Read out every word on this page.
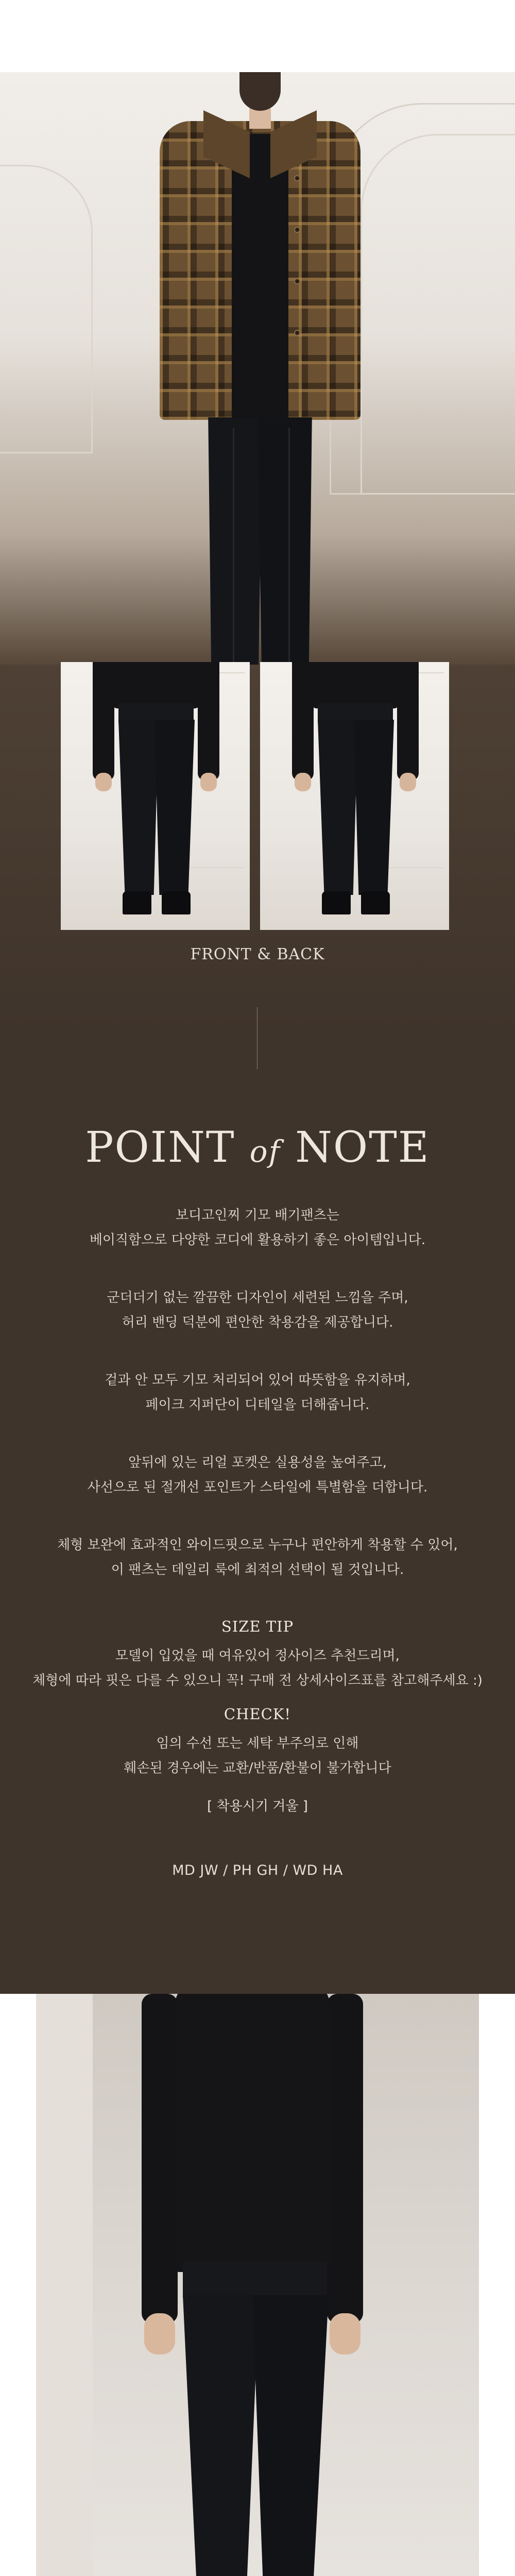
FRONT & BACK
POINT of NOTE

보디고인찌 기모 배기팬츠는

베이직함으로 다양한 코디에 활용하기 좋은 아이템입니다.

군더더기 없는 깔끔한 디자인이 세련된 느낌을 주며,

허리 밴딩 덕분에 편안한 착용감을 제공합니다.

겉과 안 모두 기모 처리되어 있어 따뜻함을 유지하며,

페이크 지퍼단이 디테일을 더해줍니다.

앞뒤에 있는 리얼 포켓은 실용성을 높여주고,

사선으로 된 절개선 포인트가 스타일에 특별함을 더합니다.

체형 보완에 효과적인 와이드핏으로 누구나 편안하게 착용할 수 있어,

이 팬츠는 데일리 룩에 최적의 선택이 될 것입니다.

SIZE TIP

모델이 입었을 때 여유있어 정사이즈 추천드리며,

체형에 따라 핏은 다를 수 있으니 꼭! 구매 전 상세사이즈표를 참고해주세요 :)

CHECK!

임의 수선 또는 세탁 부주의로 인해

훼손된 경우에는 교환/반품/환불이 불가합니다

[ 착용시기 겨울 ]
MD JW / PH GH / WD HA
